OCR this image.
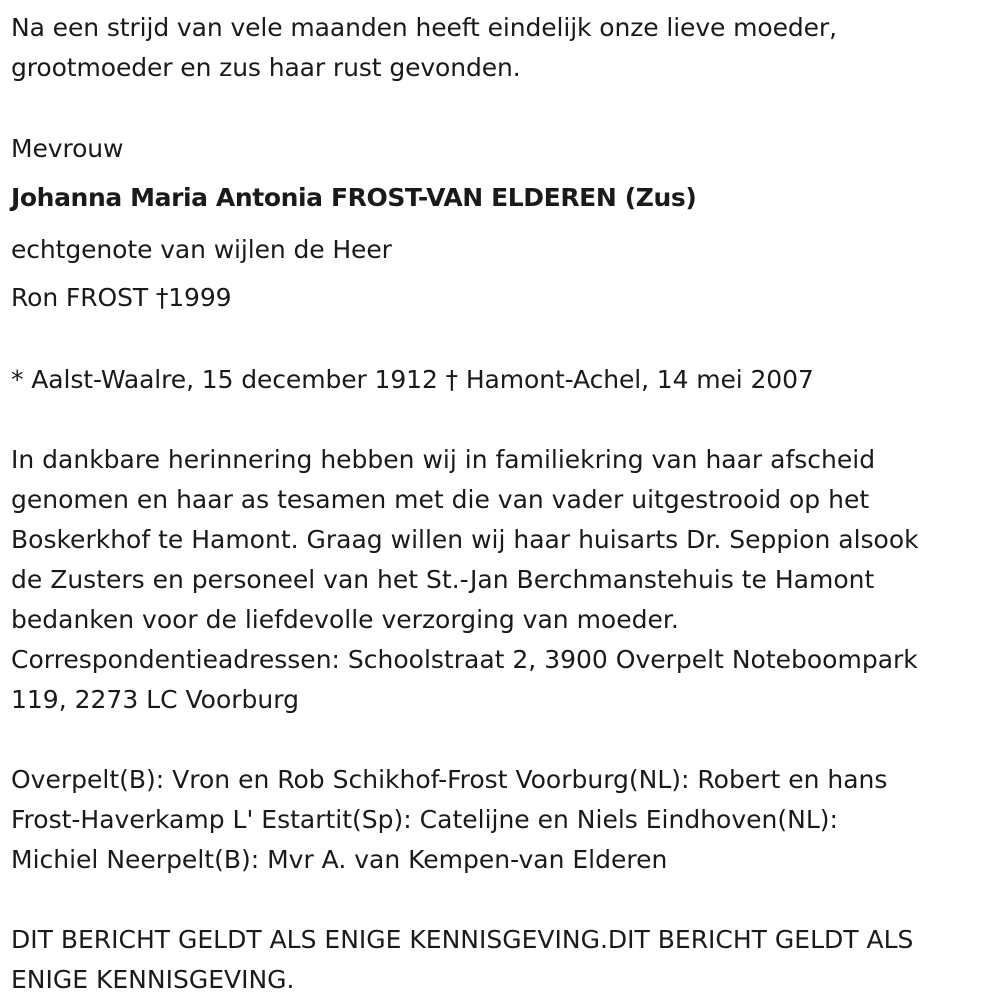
Na een strijd van vele maanden heeft eindelijk onze lieve moeder,
grootmoeder en zus haar rust gevonden.
Mevrouw
Johanna Maria Antonia FROST-VAN ELDEREN (Zus)
echtgenote van wijlen de Heer
Ron FROST †1999
* Aalst-Waalre, 15 december 1912 † Hamont-Achel, 14 mei 2007
In dankbare herinnering hebben wij in familiekring van haar afscheid
genomen en haar as tesamen met die van vader uitgestrooid op het
Boskerkhof te Hamont. Graag willen wij haar huisarts Dr. Seppion alsook
de Zusters en personeel van het St.-Jan Berchmanstehuis te Hamont
bedanken voor de liefdevolle verzorging van moeder.
Correspondentieadressen: Schoolstraat 2, 3900 Overpelt Noteboompark
119, 2273 LC Voorburg
Overpelt(B): Vron en Rob Schikhof-Frost Voorburg(NL): Robert en hans
Frost-Haverkamp L' Estartit(Sp): Catelijne en Niels Eindhoven(NL):
Michiel Neerpelt(B): Mvr A. van Kempen-van Elderen
DIT BERICHT GELDT ALS ENIGE KENNISGEVING.DIT BERICHT GELDT ALS
ENIGE KENNISGEVING.
